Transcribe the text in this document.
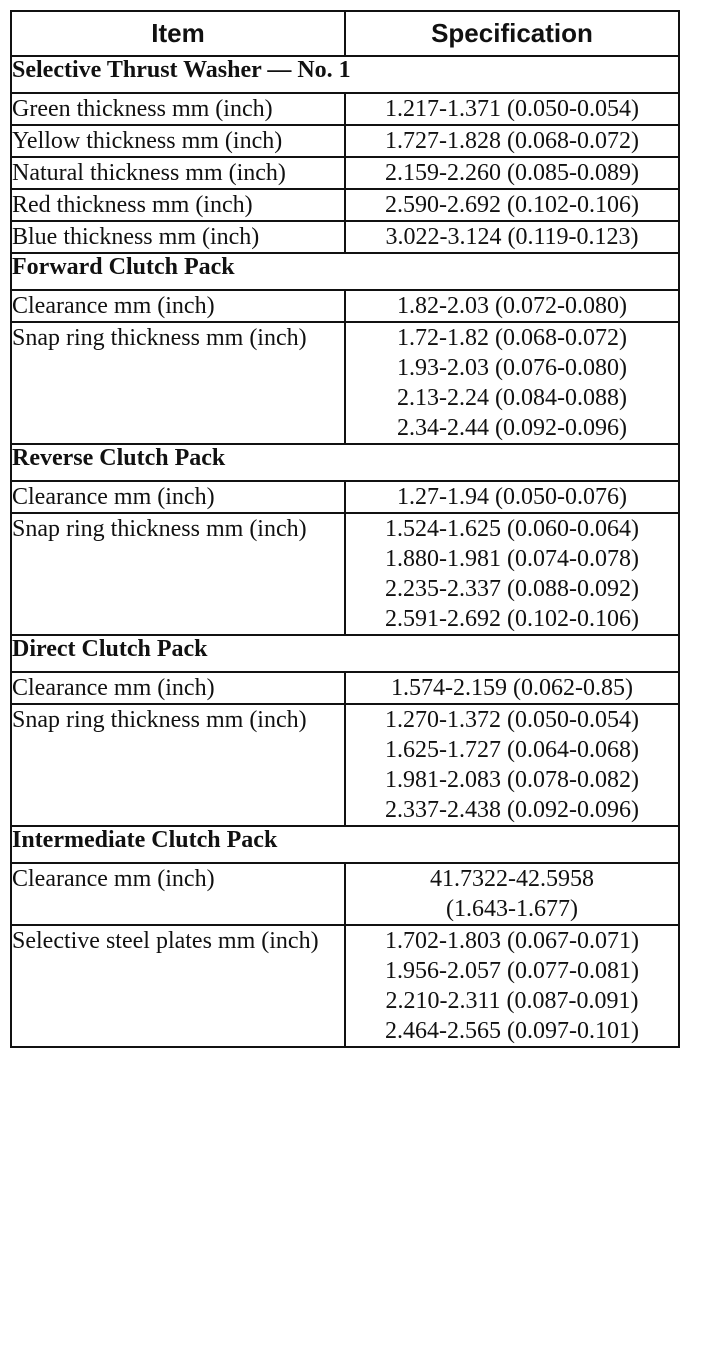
Item	Specification
Selective Thrust Washer — No. 1	
Green thickness mm (inch)	1.217-1.371 (0.050-0.054)

Yellow thickness mm (inch)	1.727-1.828 (0.068-0.072)

Natural thickness mm (inch)	2.159-2.260 (0.085-0.089)

Red thickness mm (inch)	2.590-2.692 (0.102-0.106)

Blue thickness mm (inch)	3.022-3.124 (0.119-0.123)

Forward Clutch Pack	
Clearance mm (inch)	1.82-2.03 (0.072-0.080)

Snap ring thickness mm (inch)	1.72-1.82 (0.068-0.072)
1.93-2.03 (0.076-0.080)
2.13-2.24 (0.084-0.088)
2.34-2.44 (0.092-0.096)

Reverse Clutch Pack	
Clearance mm (inch)	1.27-1.94 (0.050-0.076)

Snap ring thickness mm (inch)	1.524-1.625 (0.060-0.064)
1.880-1.981 (0.074-0.078)
2.235-2.337 (0.088-0.092)
2.591-2.692 (0.102-0.106)

Direct Clutch Pack	
Clearance mm (inch)	1.574-2.159 (0.062-0.85)

Snap ring thickness mm (inch)	1.270-1.372 (0.050-0.054)
1.625-1.727 (0.064-0.068)
1.981-2.083 (0.078-0.082)
2.337-2.438 (0.092-0.096)

Intermediate Clutch Pack	
Clearance mm (inch)	41.7322-42.5958
(1.643-1.677)

Selective steel plates mm (inch)	1.702-1.803 (0.067-0.071)
1.956-2.057 (0.077-0.081)
2.210-2.311 (0.087-0.091)
2.464-2.565 (0.097-0.101)
